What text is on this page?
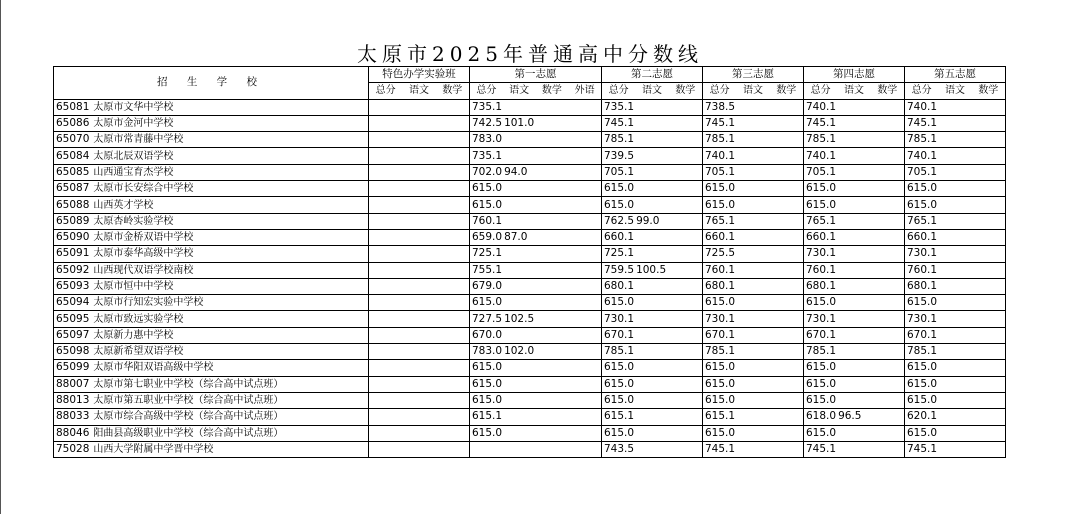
太原市2025年普通高中分数线
招 生 学 校	特色办学实验班	第一志愿	第二志愿	第三志愿	第四志愿	第五志愿

	总分 语文 数学	总分 语文 数学 外语	总分 语文 数学	总分 语文 数学	总分 语文 数学	总分 语文 数学

65081 太原市文华中学校		735.1	735.1	738.5	740.1	740.1
65086 太原市金河中学校		742.5 101.0	745.1	745.1	745.1	745.1
65070 太原市常青藤中学校		783.0	785.1	785.1	785.1	785.1
65084 太原北辰双语学校		735.1	739.5	740.1	740.1	740.1
65085 山西通宝育杰学校		702.0 94.0	705.1	705.1	705.1	705.1
65087 太原市长安综合中学校		615.0	615.0	615.0	615.0	615.0
65088 山西英才学校		615.0	615.0	615.0	615.0	615.0
65089 太原杏岭实验学校		760.1	762.5 99.0	765.1	765.1	765.1
65090 太原市金桥双语中学校		659.0 87.0	660.1	660.1	660.1	660.1
65091 太原市泰华高级中学校		725.1	725.1	725.5	730.1	730.1
65092 山西现代双语学校南校		755.1	759.5 100.5	760.1	760.1	760.1
65093 太原市恒中中学校		679.0	680.1	680.1	680.1	680.1
65094 太原市行知宏实验中学校		615.0	615.0	615.0	615.0	615.0
65095 太原市致远实验学校		727.5 102.5	730.1	730.1	730.1	730.1
65097 太原新力惠中学校		670.0	670.1	670.1	670.1	670.1
65098 太原新希望双语学校		783.0 102.0	785.1	785.1	785.1	785.1
65099 太原市华阳双语高级中学校		615.0	615.0	615.0	615.0	615.0
88007 太原市第七职业中学校（综合高中试点班）		615.0	615.0	615.0	615.0	615.0
88013 太原市第五职业中学校（综合高中试点班）		615.0	615.0	615.0	615.0	615.0
88033 太原市综合高级中学校（综合高中试点班）		615.1	615.1	615.1	618.0 96.5	620.1
88046 阳曲县高级职业中学校（综合高中试点班）		615.0	615.0	615.0	615.0	615.0
75028 山西大学附属中学晋中学校			743.5	745.1	745.1	745.1
